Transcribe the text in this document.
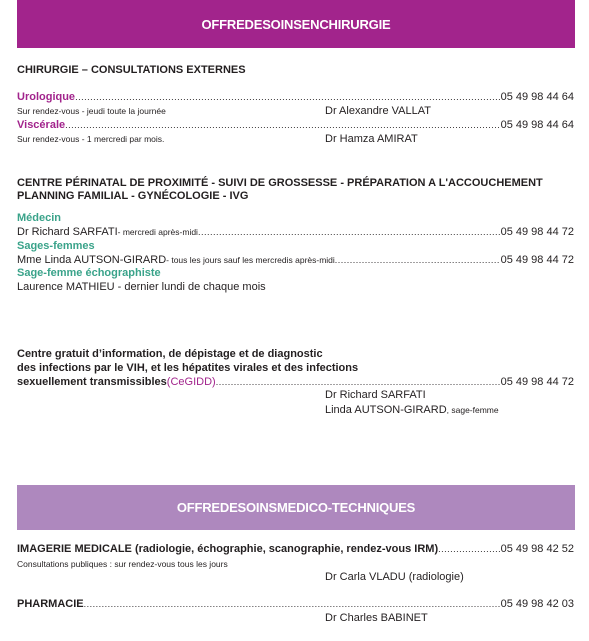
OFFREDESOINSENCHIRURGIE
CHIRURGIE – CONSULTATIONS EXTERNES
Urologique .....	05 49 98 44 64
Sur rendez-vous - jeudi toute la journée	Dr Alexandre VALLAT
Viscérale .....	05 49 98 44 64
Sur rendez-vous - 1 mercredi par mois.	Dr Hamza AMIRAT
CENTRE PÉRINATAL DE PROXIMITÉ - SUIVI DE GROSSESSE - PRÉPARATION A L'ACCOUCHEMENT
PLANNING FAMILIAL - GYNÉCOLOGIE - IVG
Médecin
Dr Richard SARFATI - mercredi après-midi .....	05 49 98 44 72
Sages-femmes
Mme Linda AUTSON-GIRARD - tous les jours sauf les mercredis après-midi .....	05 49 98 44 72
Sage-femme échographiste
Laurence MATHIEU - dernier lundi de chaque mois
Centre gratuit d’information, de dépistage et de diagnostic
des infections par le VIH, et les hépatites virales et des infections
sexuellement transmissibles (CeGIDD) .....	05 49 98 44 72
Dr Richard SARFATI
Linda AUTSON-GIRARD, sage-femme
OFFREDESOINSMEDICO-TECHNIQUES
IMAGERIE MEDICALE (radiologie, échographie, scanographie, rendez-vous IRM) .....	05 49 98 42 52
Consultations publiques : sur rendez-vous tous les jours
Dr Carla VLADU (radiologie)
PHARMACIE .....	05 49 98 42 03
Dr Charles BABINET
